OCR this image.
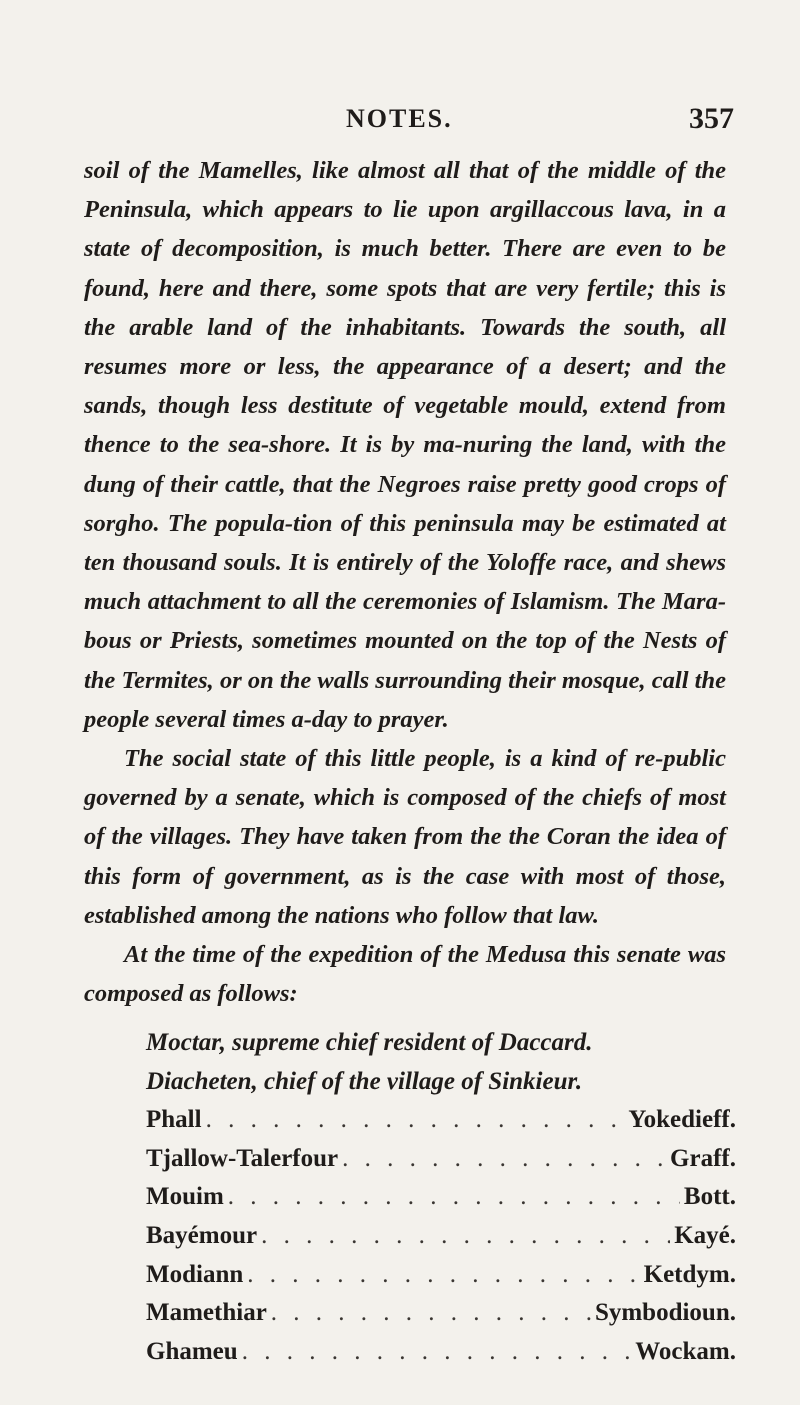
NOTES.	357

soil of the Mamelles, like almost all that of the middle of the Peninsula, which appears to lie upon argillaccous lava, in a state of decomposition, is much better. There are even to be found, here and there, some spots that are very fertile; this is the arable land of the inhabitants. Towards the south, all resumes more or less, the appearance of a desert; and the sands, though less destitute of vegetable mould, extend from thence to the sea-shore. It is by ma-nuring the land, with the dung of their cattle, that the Negroes raise pretty good crops of sorgho. The popula-tion of this peninsula may be estimated at ten thousand souls. It is entirely of the Yoloffe race, and shews much attachment to all the ceremonies of Islamism. The Mara-bous or Priests, sometimes mounted on the top of the Nests of the Termites, or on the walls surrounding their mosque, call the people several times a-day to prayer.

The social state of this little people, is a kind of re-public governed by a senate, which is composed of the chiefs of most of the villages. They have taken from the the Coran the idea of this form of government, as is the case with most of those, established among the nations who follow that law.

At the time of the expedition of the Medusa this senate was composed as follows:

Moctar, supreme chief resident of Daccard.

Diacheten, chief of the village of Sinkieur.

Phall . . .	Yokedieff.
Tjallow-Talerfour . . .	Graff.
Mouim . . .	Bott.
Bayémour . . .	Kayé.
Modiann . . .	Ketdym.
Mamethiar . . .	Symbodioun.
Ghameu . . .	Wockam.
